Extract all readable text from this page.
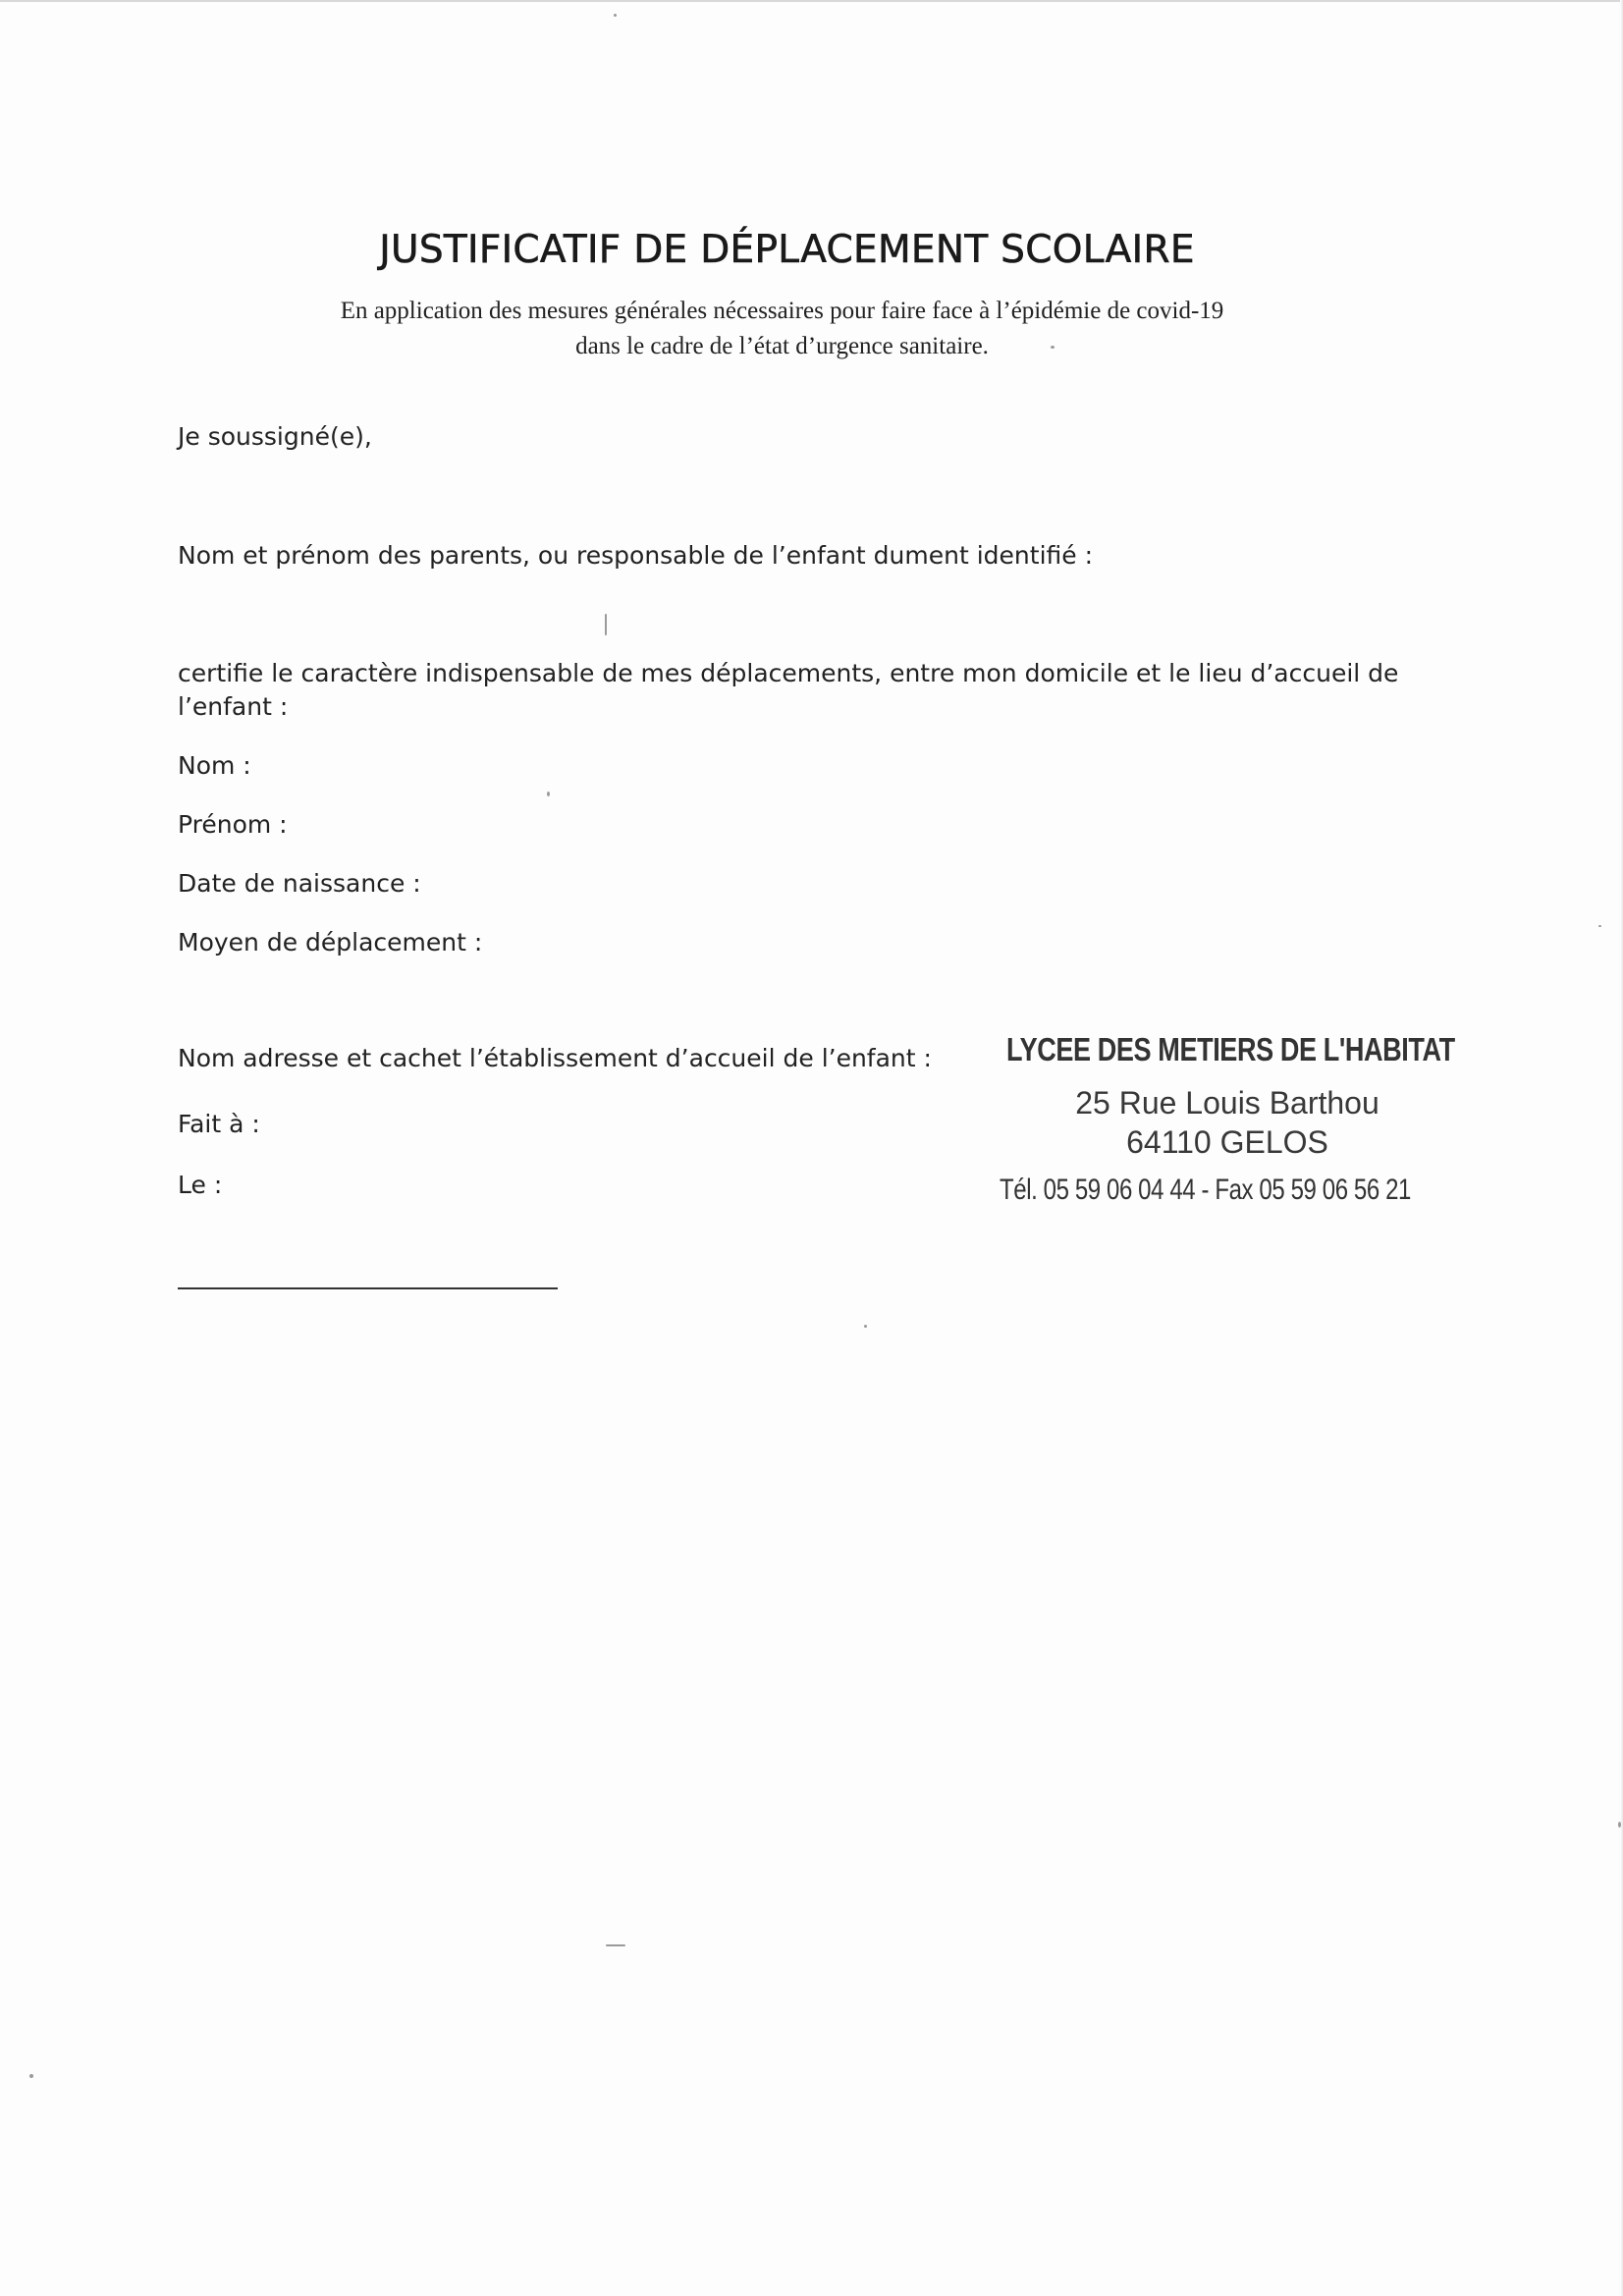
JUSTIFICATIF DE DÉPLACEMENT SCOLAIRE
En application des mesures générales nécessaires pour faire face à l’épidémie de covid-19
dans le cadre de l’état d’urgence sanitaire.
Je soussigné(e),
Nom et prénom des parents, ou responsable de l’enfant dument identifié :
certifie le caractère indispensable de mes déplacements, entre mon domicile et le lieu d’accueil de
l’enfant :
Nom :
Prénom :
Date de naissance :
Moyen de déplacement :
Nom adresse et cachet l’établissement d’accueil de l’enfant :
Fait à :
Le :
LYCEE DES METIERS DE L'HABITAT
25 Rue Louis Barthou
64110 GELOS
Tél. 05 59 06 04 44 - Fax 05 59 06 56 21
